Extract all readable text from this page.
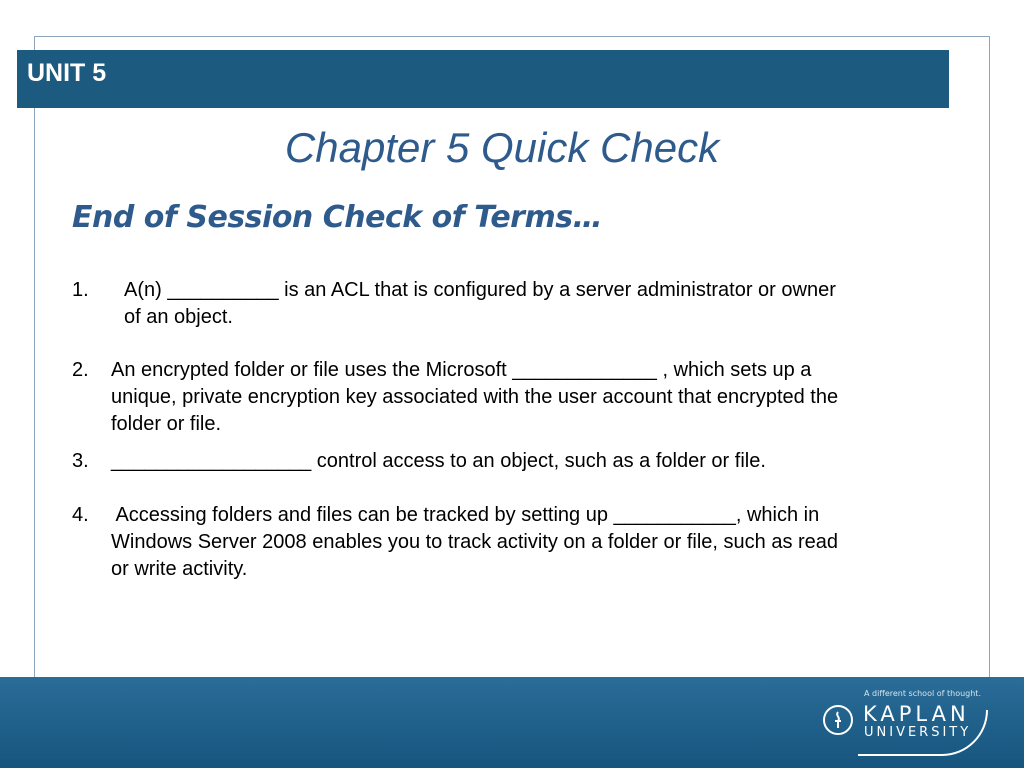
UNIT 5
Chapter 5 Quick Check
End of Session Check of Terms…
1. A(n) __________ is an ACL that is configured by a server administrator or owner
of an object.
2. An encrypted folder or file uses the Microsoft _____________ , which sets up a
unique, private encryption key associated with the user account that encrypted the
folder or file.
3. __________________ control access to an object, such as a folder or file.
4. Accessing folders and files can be tracked by setting up ___________, which in
Windows Server 2008 enables you to track activity on a folder or file, such as read
or write activity.
A different school of thought.
KAPLAN
UNIVERSITY
